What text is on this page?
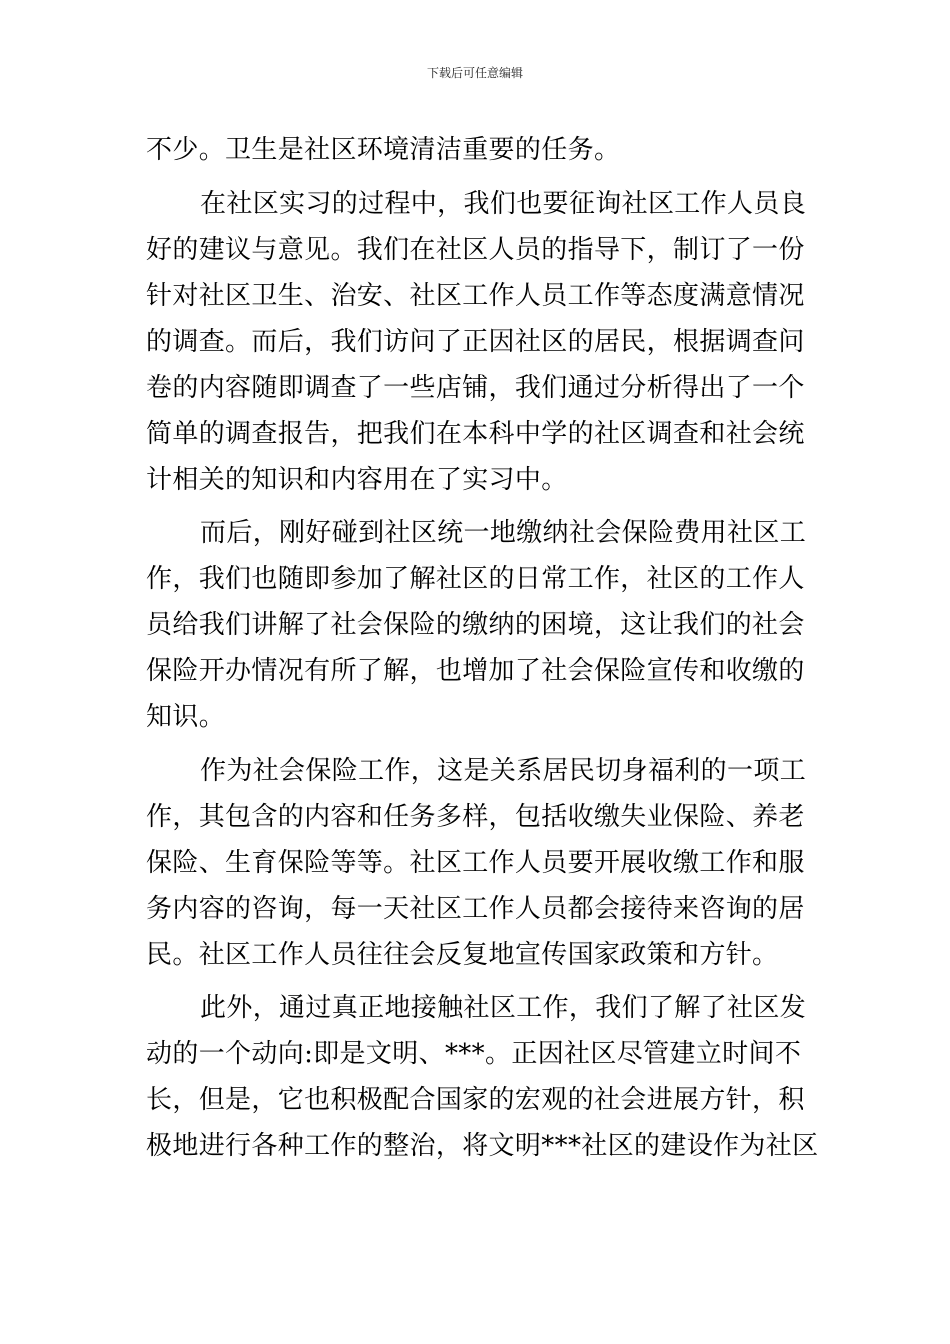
下载后可任意编辑
不少。卫生是社区环境清洁重要的任务。
在社区实习的过程中，我们也要征询社区工作人员良
好的建议与意见。我们在社区人员的指导下，制订了一份
针对社区卫生、治安、社区工作人员工作等态度满意情况
的调查。而后，我们访问了正因社区的居民，根据调查问
卷的内容随即调查了一些店铺，我们通过分析得出了一个
简单的调查报告，把我们在本科中学的社区调查和社会统
计相关的知识和内容用在了实习中。
而后，刚好碰到社区统一地缴纳社会保险费用社区工
作，我们也随即参加了解社区的日常工作，社区的工作人
员给我们讲解了社会保险的缴纳的困境，这让我们的社会
保险开办情况有所了解，也增加了社会保险宣传和收缴的
知识。
作为社会保险工作，这是关系居民切身福利的一项工
作，其包含的内容和任务多样，包括收缴失业保险、养老
保险、生育保险等等。社区工作人员要开展收缴工作和服
务内容的咨询，每一天社区工作人员都会接待来咨询的居
民。社区工作人员往往会反复地宣传国家政策和方针。
此外，通过真正地接触社区工作，我们了解了社区发
动的一个动向:即是文明、***。正因社区尽管建立时间不
长，但是，它也积极配合国家的宏观的社会进展方针，积
极地进行各种工作的整治，将文明***社区的建设作为社区
